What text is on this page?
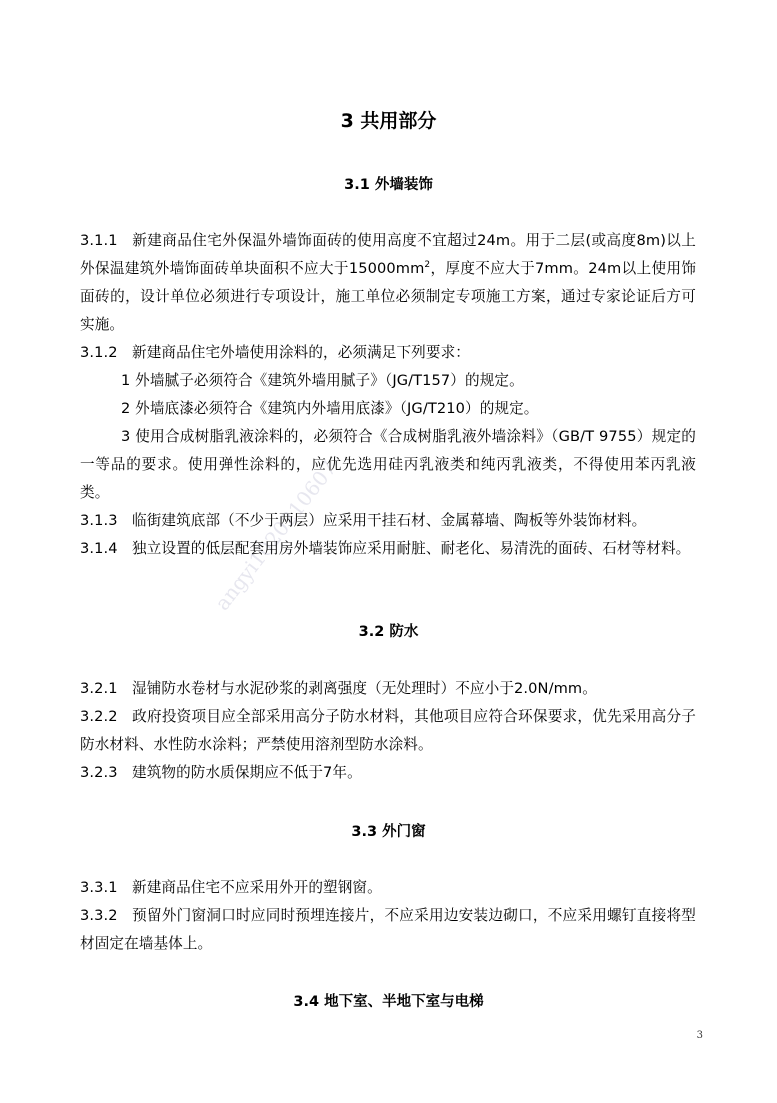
angyi1020210607
3 共用部分
3.1 外墙装饰

3.1.1 新建商品住宅外保温外墙饰面砖的使用高度不宜超过24m。用于二层(或高度8m)以上外保温建筑外墙饰面砖单块面积不应大于$15000mm^2$，厚度不应大于7mm。24m以上使用饰面砖的，设计单位必须进行专项设计，施工单位必须制定专项施工方案，通过专家论证后方可实施。

3.1.2 新建商品住宅外墙使用涂料的，必须满足下列要求：

1 外墙腻子必须符合《建筑外墙用腻子》（JG/T157）的规定。

2 外墙底漆必须符合《建筑内外墙用底漆》（JG/T210）的规定。

3 使用合成树脂乳液涂料的，必须符合《合成树脂乳液外墙涂料》（GB/T 9755）规定的一等品的要求。使用弹性涂料的，应优先选用硅丙乳液类和纯丙乳液类，不得使用苯丙乳液类。

3.1.3 临街建筑底部（不少于两层）应采用干挂石材、金属幕墙、陶板等外装饰材料。

3.1.4 独立设置的低层配套用房外墙装饰应采用耐脏、耐老化、易清洗的面砖、石材等材料。

3.2 防水

3.2.1 湿铺防水卷材与水泥砂浆的剥离强度（无处理时）不应小于2.0N/mm。

3.2.2 政府投资项目应全部采用高分子防水材料，其他项目应符合环保要求，优先采用高分子防水材料、水性防水涂料；严禁使用溶剂型防水涂料。

3.2.3 建筑物的防水质保期应不低于7年。

3.3 外门窗

3.3.1 新建商品住宅不应采用外开的塑钢窗。

3.3.2 预留外门窗洞口时应同时预埋连接片，不应采用边安装边砌口，不应采用螺钉直接将型材固定在墙基体上。

3.4 地下室、半地下室与电梯
3
